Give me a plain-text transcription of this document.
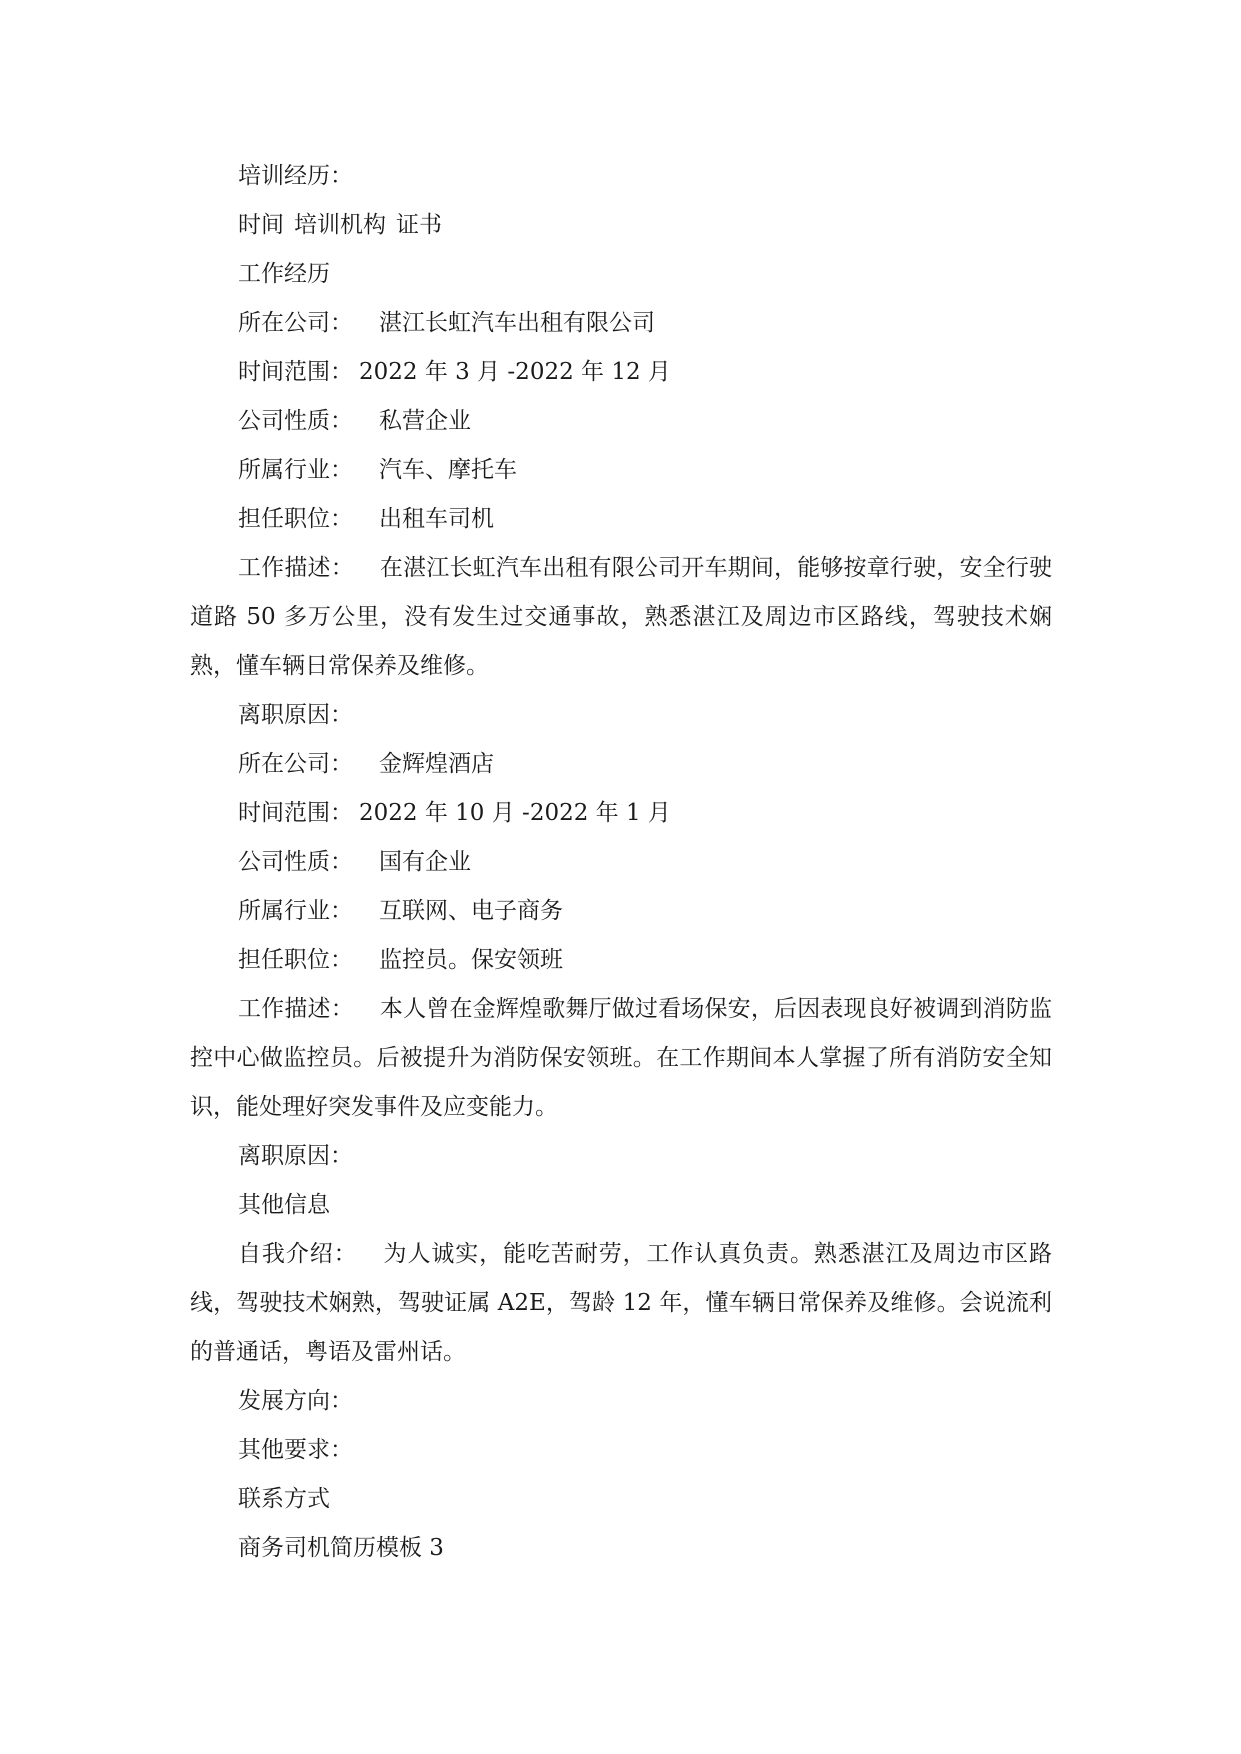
培训经历：
时间 培训机构 证书
工作经历
所在公司： 湛江长虹汽车出租有限公司
时间范围： 2022 年 3 月 -2022 年 12 月
公司性质： 私营企业
所属行业： 汽车、摩托车
担任职位： 出租车司机

工作描述： 在湛江长虹汽车出租有限公司开车期间，能够按章行驶，安全行驶道路 50 多万公里，没有发生过交通事故，熟悉湛江及周边市区路线，驾驶技术娴熟，懂车辆日常保养及维修。

离职原因：
所在公司： 金辉煌酒店
时间范围： 2022 年 10 月 -2022 年 1 月
公司性质： 国有企业
所属行业： 互联网、电子商务
担任职位： 监控员。保安领班

工作描述： 本人曾在金辉煌歌舞厅做过看场保安，后因表现良好被调到消防监控中心做监控员。后被提升为消防保安领班。在工作期间本人掌握了所有消防安全知识，能处理好突发事件及应变能力。

离职原因：
其他信息

自我介绍： 为人诚实，能吃苦耐劳，工作认真负责。熟悉湛江及周边市区路线，驾驶技术娴熟，驾驶证属 A2E，驾龄 12 年，懂车辆日常保养及维修。会说流利的普通话，粤语及雷州话。

发展方向：
其他要求：
联系方式
商务司机简历模板 3
